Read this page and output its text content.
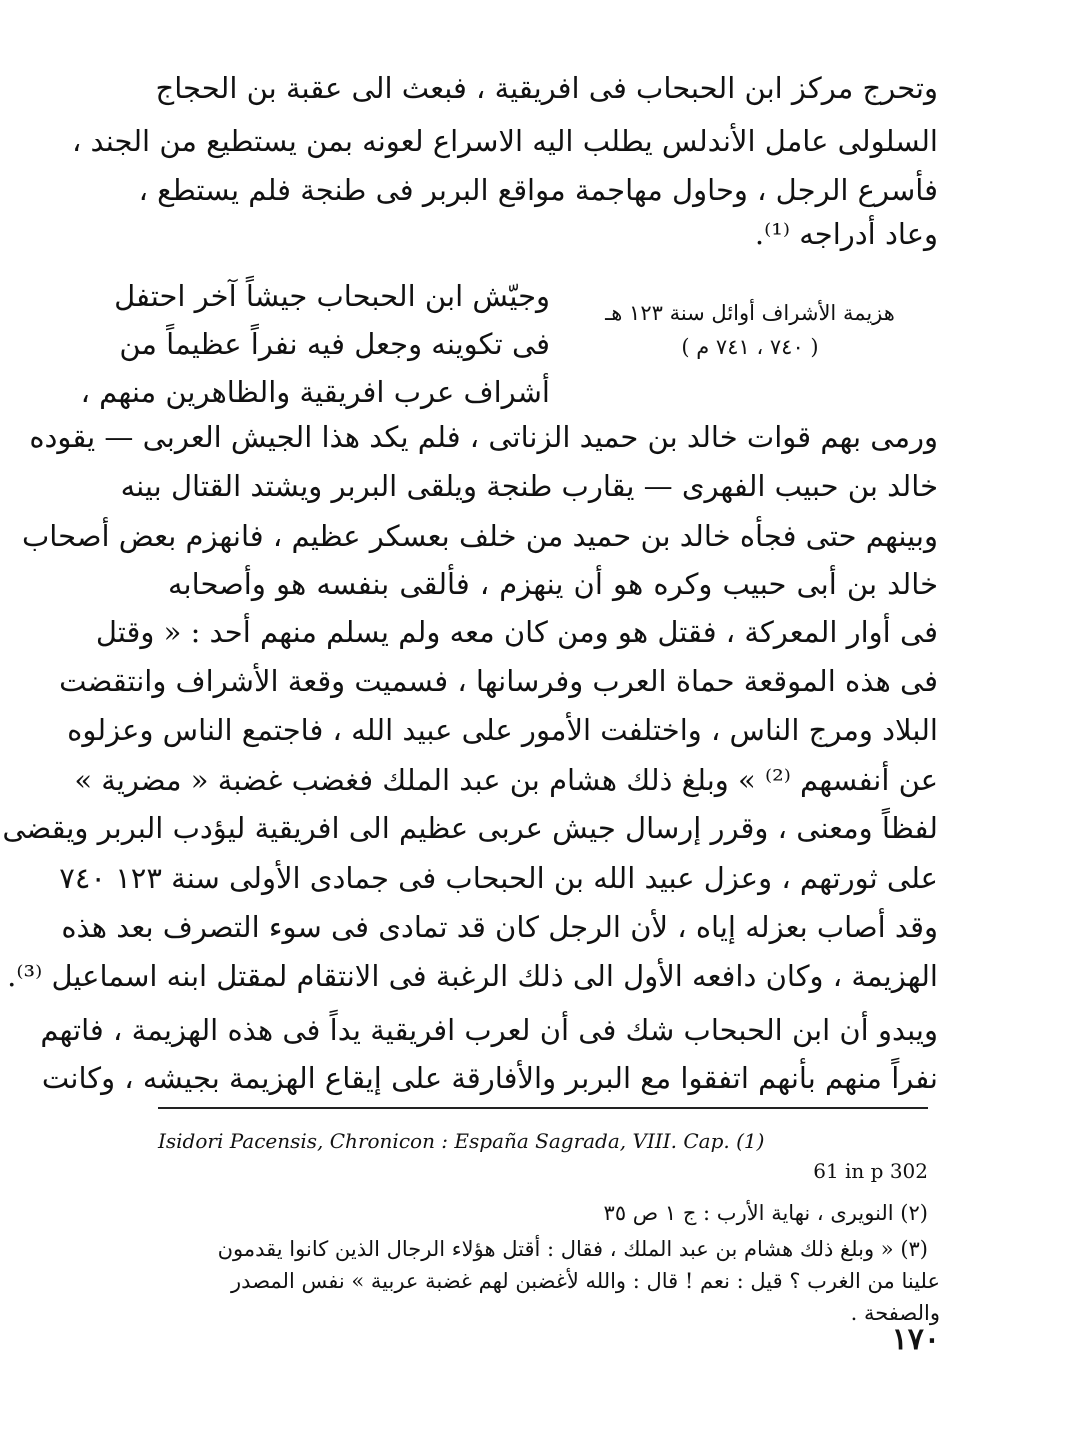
وتحرج مركز ابن الحبحاب فى افريقية ، فبعث الى عقبة بن الحجاج
السلولى عامل الأندلس يطلب اليه الاسراع لعونه بمن يستطيع من الجند ،
فأسرع الرجل ، وحاول مهاجمة مواقع البربر فى طنجة فلم يستطع ،
وعاد أدراجه ⁽¹⁾.
هزيمة الأشراف أوائل سنة ١٢٣ هـ
( ٧٤٠ ، ٧٤١ م )
وجيّش ابن الحبحاب جيشاً آخر احتفل
فى تكوينه وجعل فيه نفراً عظيماً من
أشراف عرب افريقية والظاهرين منهم ،
ورمى بهم قوات خالد بن حميد الزناتى ، فلم يكد هذا الجيش العربى — يقوده
خالد بن حبيب الفهرى — يقارب طنجة ويلقى البربر ويشتد القتال بينه
وبينهم حتى فجأه خالد بن حميد من خلف بعسكر عظيم ، فانهزم بعض أصحاب
خالد بن أبى حبيب وكره هو أن ينهزم ، فألقى بنفسه هو وأصحابه
فى أوار المعركة ، فقتل هو ومن كان معه ولم يسلم منهم أحد : « وقتل
فى هذه الموقعة حماة العرب وفرسانها ، فسميت وقعة الأشراف وانتقضت
البلاد ومرج الناس ، واختلفت الأمور على عبيد الله ، فاجتمع الناس وعزلوه
عن أنفسهم ⁽²⁾ » وبلغ ذلك هشام بن عبد الملك فغضب غضبة « مضرية »
لفظاً ومعنى ، وقرر إرسال جيش عربى عظيم الى افريقية ليؤدب البربر ويقضى
على ثورتهم ، وعزل عبيد الله بن الحبحاب فى جمادى الأولى سنة ١٢٣ ٧٤٠
وقد أصاب بعزله إياه ، لأن الرجل كان قد تمادى فى سوء التصرف بعد هذه
الهزيمة ، وكان دافعه الأول الى ذلك الرغبة فى الانتقام لمقتل ابنه اسماعيل ⁽³⁾.
ويبدو أن ابن الحبحاب شك فى أن لعرب افريقية يداً فى هذه الهزيمة ، فاتهم
نفراً منهم بأنهم اتفقوا مع البربر والأفارقة على إيقاع الهزيمة بجيشه ، وكانت
Isidori Pacensis, Chronicon : España Sagrada, VIII. Cap. (1)
61 in p 302
(٢) النويرى ، نهاية الأرب : ج ١ ص ٣٥
(٣) « وبلغ ذلك هشام بن عبد الملك ، فقال : أقتل هؤلاء الرجال الذين كانوا يقدمون
علينا من الغرب ؟ قيل : نعم ! قال : والله لأغضبن لهم غضبة عربية » نفس المصدر
والصفحة .
١٧٠
